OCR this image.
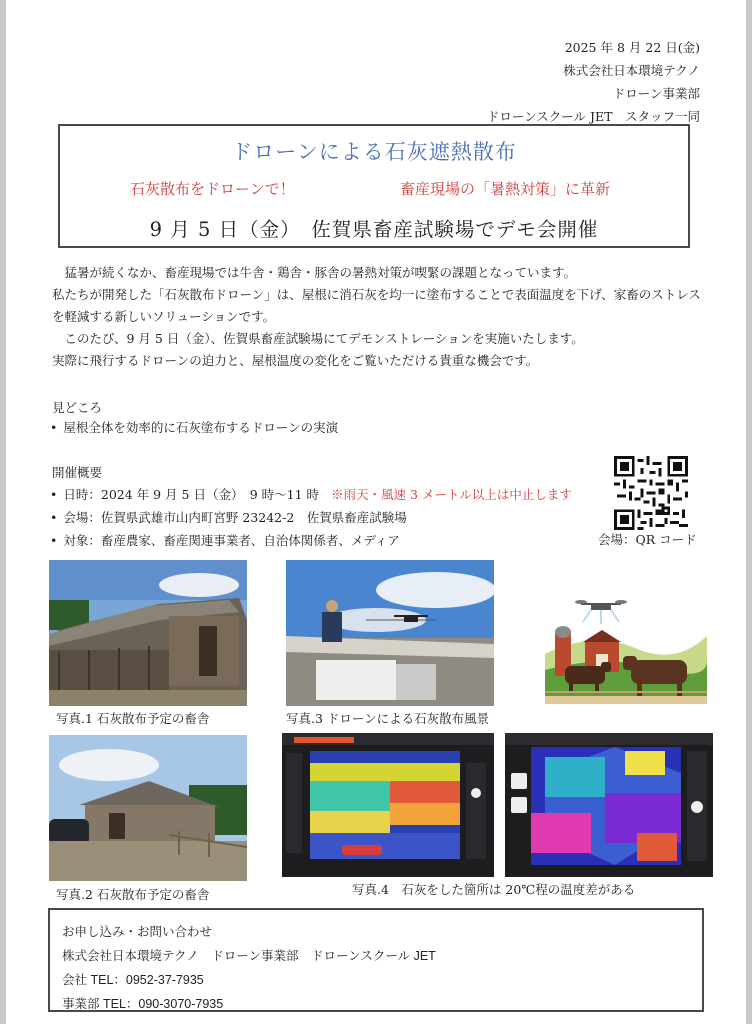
2025 年 8 月 22 日(金)
株式会社日本環境テクノ
ドローン事業部
ドローンスクール JET　スタッフ一同
ドローンによる石灰遮熱散布
石灰散布をドローンで！	畜産現場の「暑熱対策」に革新
9 月 5 日（金）　佐賀県畜産試験場でデモ会開催

猛暑が続くなか、畜産現場では牛舎・鶏舎・豚舎の暑熱対策が喫緊の課題となっています。

私たちが開発した「石灰散布ドローン」は、屋根に消石灰を均一に塗布することで表面温度を下げ、家畜のストレスを軽減する新しいソリューションです。

このたび、9 月 5 日（金）、佐賀県畜産試験場にてデモンストレーションを実施いたします。

実際に飛行するドローンの迫力と、屋根温度の変化をご覧いただける貴重な機会です。

見どころ
• 屋根全体を効率的に石灰塗布するドローンの実演
開催概要
• 日時：2024 年 9 月 5 日（金）　9 時～11 時 ※雨天・風速 3 メートル以上は中止します
• 会場：佐賀県武雄市山内町宮野 23242-2　佐賀県畜産試験場
• 対象：畜産農家、畜産関連事業者、自治体関係者、メディア	会場：QR コード
写真.1 石灰散布予定の畜舎
写真.2 石灰散布予定の畜舎
写真.3 ドローンによる石灰散布風景
写真.4　石灰をした箇所は 20℃程の温度差がある
お申し込み・お問い合わせ
株式会社日本環境テクノ　ドローン事業部　ドローンスクール JET
会社 TEL：0952-37-7935
事業部 TEL：090-3070-7935
